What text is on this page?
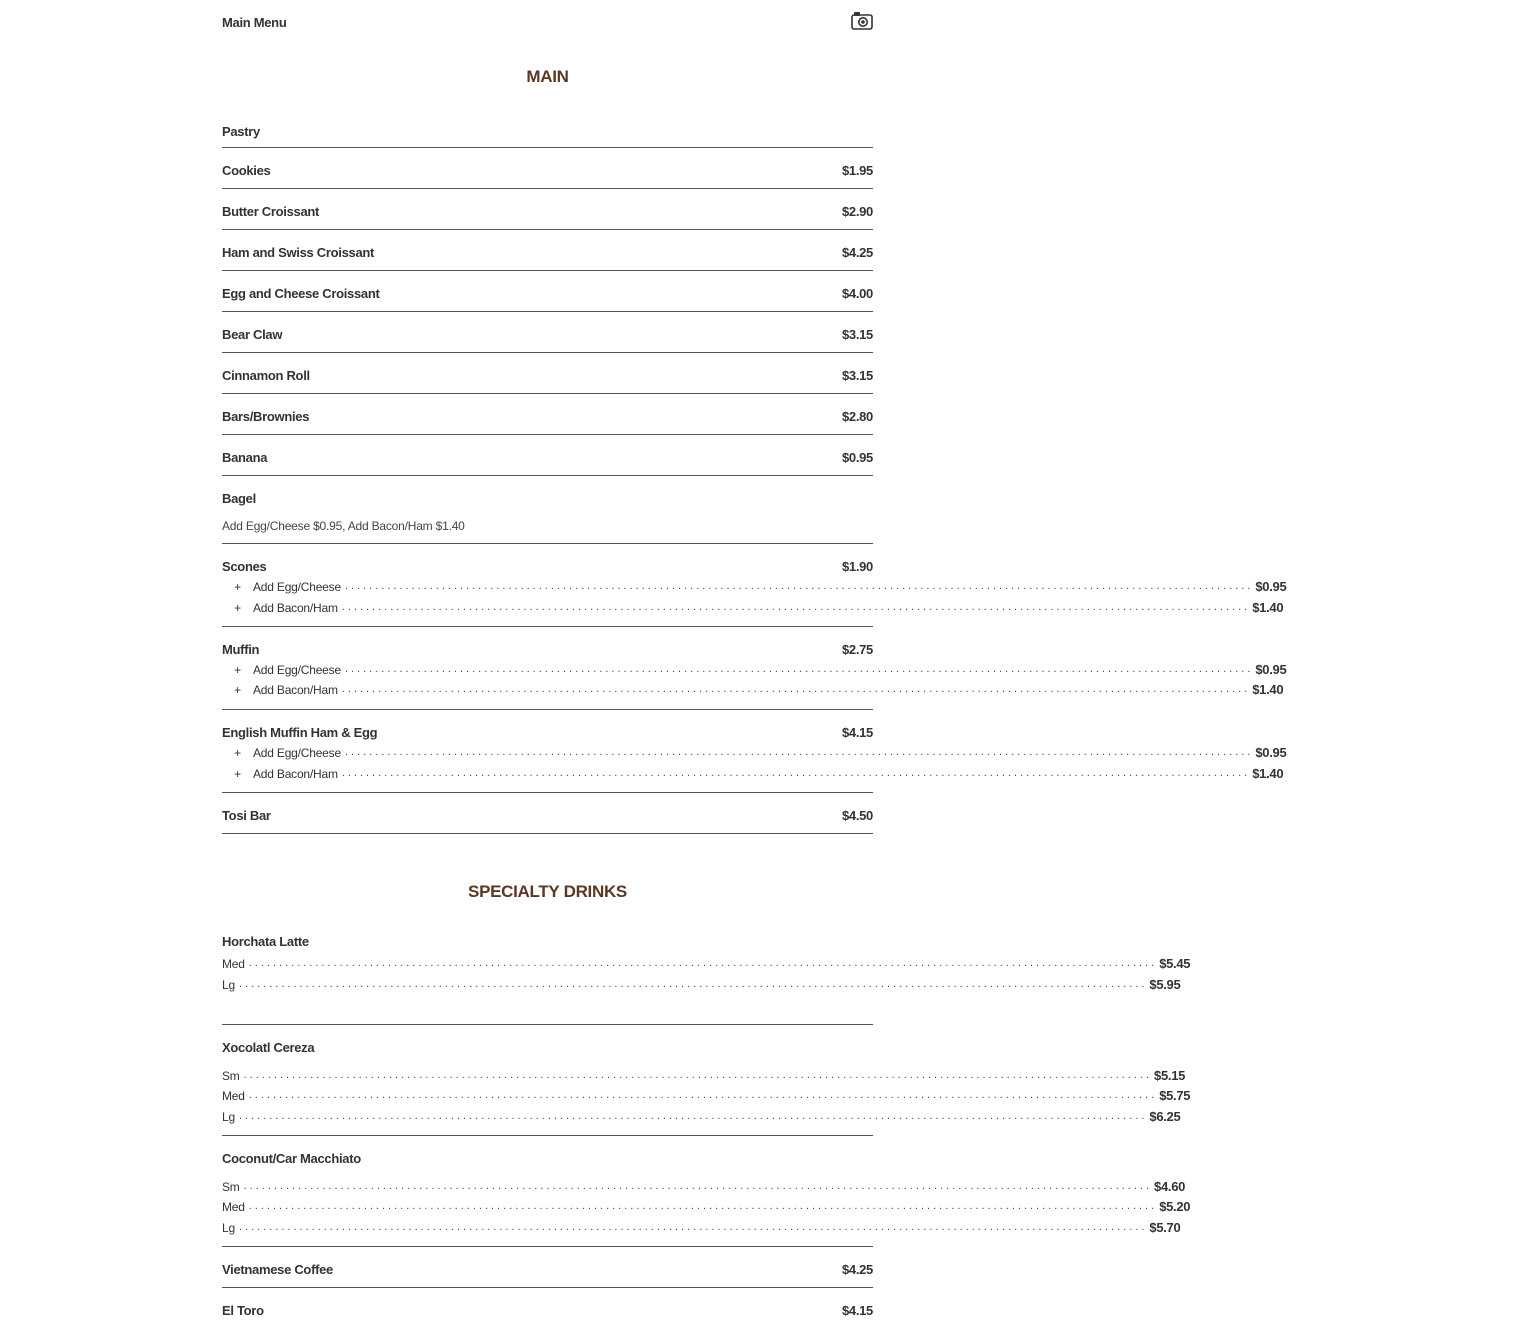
Main Menu
MAIN
Pastry
Cookies	$1.95
Butter Croissant	$2.90
Ham and Swiss Croissant	$4.25
Egg and Cheese Croissant	$4.00
Bear Claw	$3.15
Cinnamon Roll	$3.15
Bars/Brownies	$2.80
Banana	$0.95
Bagel
Add Egg/Cheese $0.95, Add Bacon/Ham $1.40
Scones	$1.90
+	Add Egg/Cheese ...................................................................................................................................................... $0.95
+	Add Bacon/Ham ...................................................................................................................................................... $1.40
Muffin	$2.75
+	Add Egg/Cheese ...................................................................................................................................................... $0.95
+	Add Bacon/Ham ...................................................................................................................................................... $1.40
English Muffin Ham & Egg	$4.15
+	Add Egg/Cheese ...................................................................................................................................................... $0.95
+	Add Bacon/Ham ...................................................................................................................................................... $1.40
Tosi Bar	$4.50
SPECIALTY DRINKS
Horchata Latte
Med ...................................................................................................................................................... $5.45
Lg ...................................................................................................................................................... $5.95
Xocolatl Cereza
Sm ...................................................................................................................................................... $5.15
Med ...................................................................................................................................................... $5.75
Lg ...................................................................................................................................................... $6.25
Coconut/Car Macchiato
Sm ...................................................................................................................................................... $4.60
Med ...................................................................................................................................................... $5.20
Lg ...................................................................................................................................................... $5.70
Vietnamese Coffee	$4.25
El Toro	$4.15
